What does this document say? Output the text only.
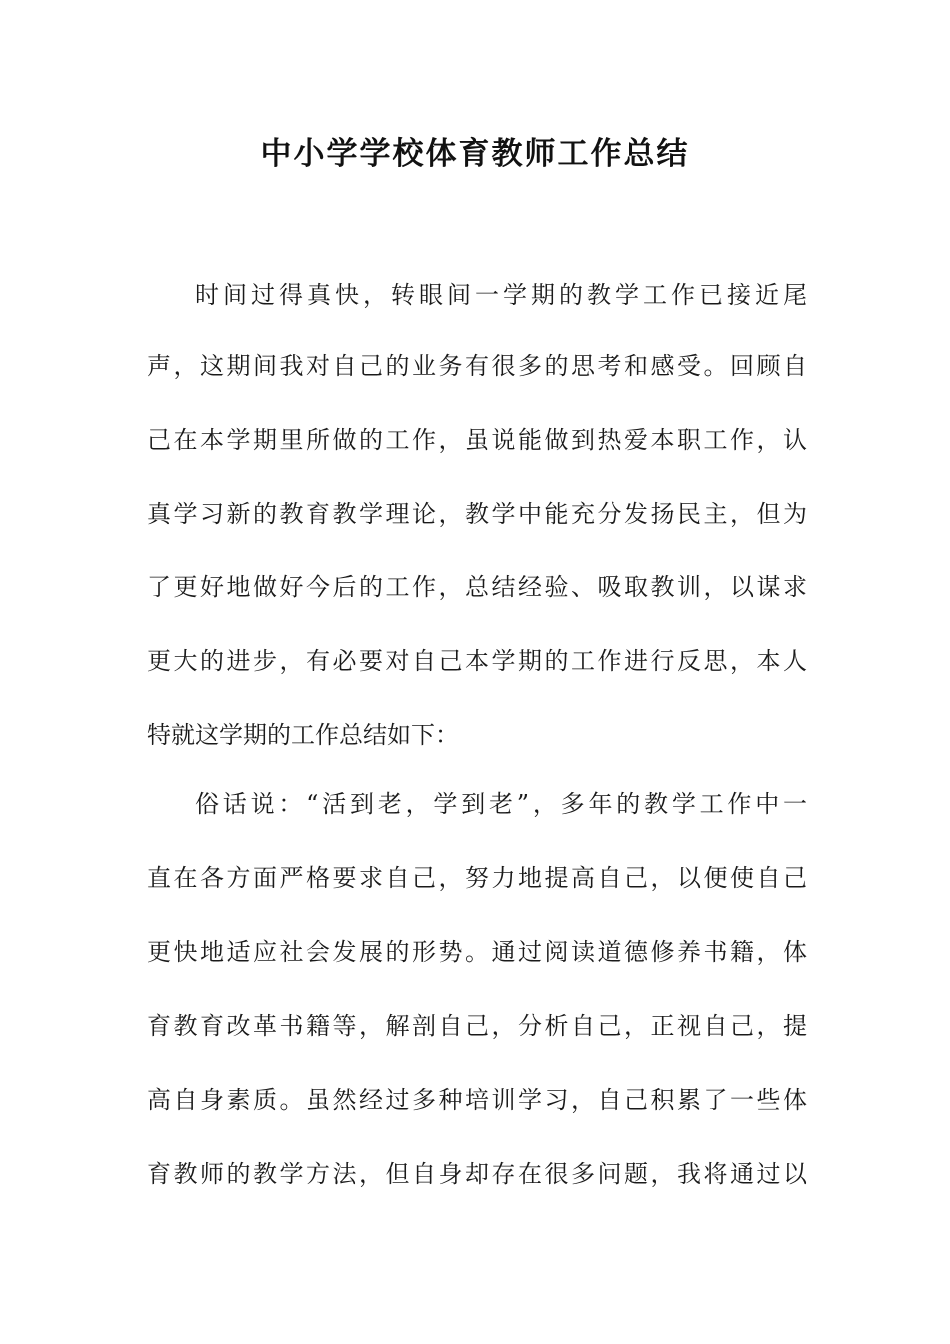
中小学学校体育教师工作总结
时间过得真快，转眼间一学期的教学工作已接近尾
声，这期间我对自己的业务有很多的思考和感受。回顾自
己在本学期里所做的工作，虽说能做到热爱本职工作，认
真学习新的教育教学理论，教学中能充分发扬民主，但为
了更好地做好今后的工作，总结经验、吸取教训，以谋求
更大的进步，有必要对自己本学期的工作进行反思，本人
特就这学期的工作总结如下：
俗话说：“活到老，学到老”，多年的教学工作中一
直在各方面严格要求自己，努力地提高自己，以便使自己
更快地适应社会发展的形势。通过阅读道德修养书籍，体
育教育改革书籍等，解剖自己，分析自己，正视自己，提
高自身素质。虽然经过多种培训学习，自己积累了一些体
育教师的教学方法，但自身却存在很多问题，我将通过以
